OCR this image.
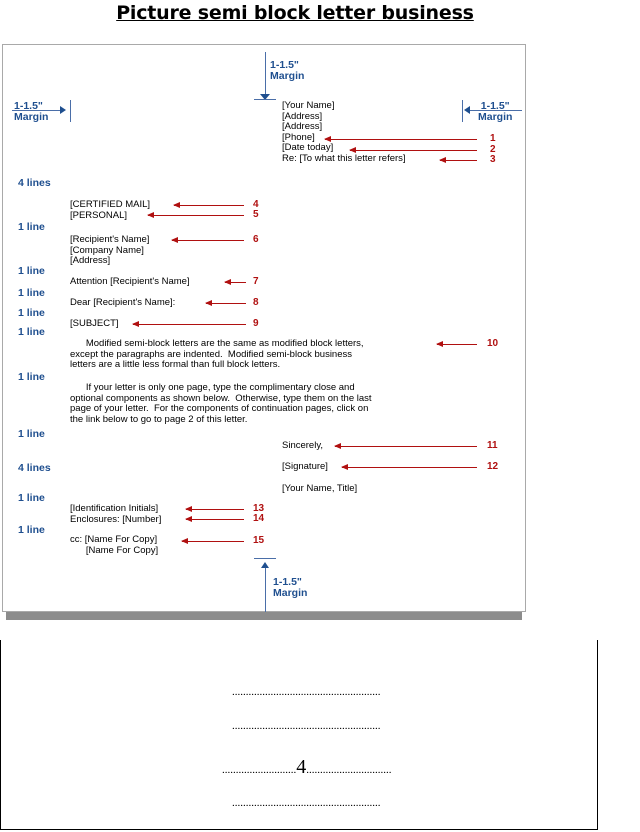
Picture semi block letter business
1-1.5"
Margin
1-1.5"
Margin
1-1.5"
Margin
1-1.5"
Margin
4 lines
1 line
1 line
1 line
1 line
1 line
1 line
1 line
4 lines
1 line
1 line
[Your Name]
[Address]
[Address]
[Phone]
[Date today]
Re: [To what this letter refers]
[CERTIFIED MAIL]
[PERSONAL]
[Recipient's Name]
[Company Name]
[Address]
Attention [Recipient's Name]
Dear [Recipient's Name]:
[SUBJECT]
Modified semi-block letters are the same as modified block letters,
except the paragraphs are indented.  Modified semi-block business
letters are a little less formal than full block letters.
If your letter is only one page, type the complimentary close and
optional components as shown below.  Otherwise, type them on the last
page of your letter.  For the components of continuation pages, click on
the link below to go to page 2 of this letter.
Sincerely,
[Signature]
[Your Name, Title]
[Identification Initials]
Enclosures: [Number]
cc: [Name For Copy]
[Name For Copy]
1
2
3
4
5
6
7
8
9
10
11
12
13
14
15
......................................................
......................................................
...........................4...............................
......................................................
